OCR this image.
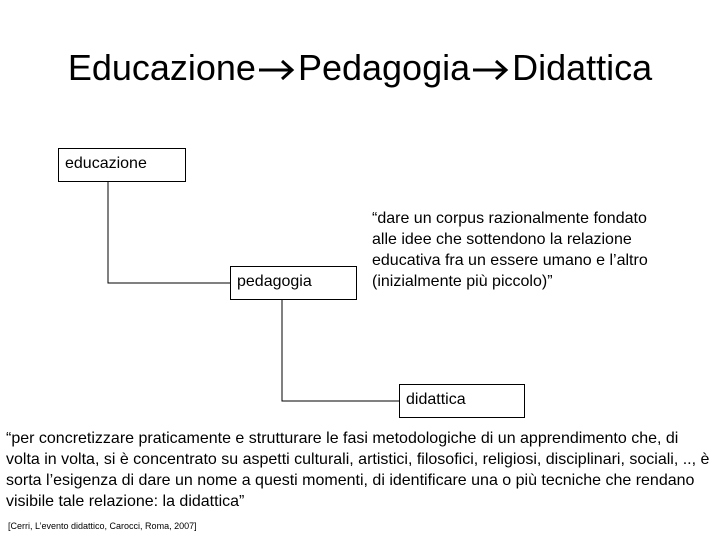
Educazione Pedagogia Didattica
educazione
pedagogia
didattica
“dare un corpus razionalmente fondato alle idee che sottendono la relazione educativa fra un essere umano e l’altro (inizialmente più piccolo)”
“per concretizzare praticamente e strutturare le fasi metodologiche di un apprendimento che, di volta in volta, si è concentrato su aspetti culturali, artistici, filosofici, religiosi, disciplinari, sociali, .., è sorta l’esigenza di dare un nome a questi momenti, di identificare una o più tecniche che rendano visibile tale relazione: la didattica”
[Cerri, L’evento didattico, Carocci, Roma, 2007]
